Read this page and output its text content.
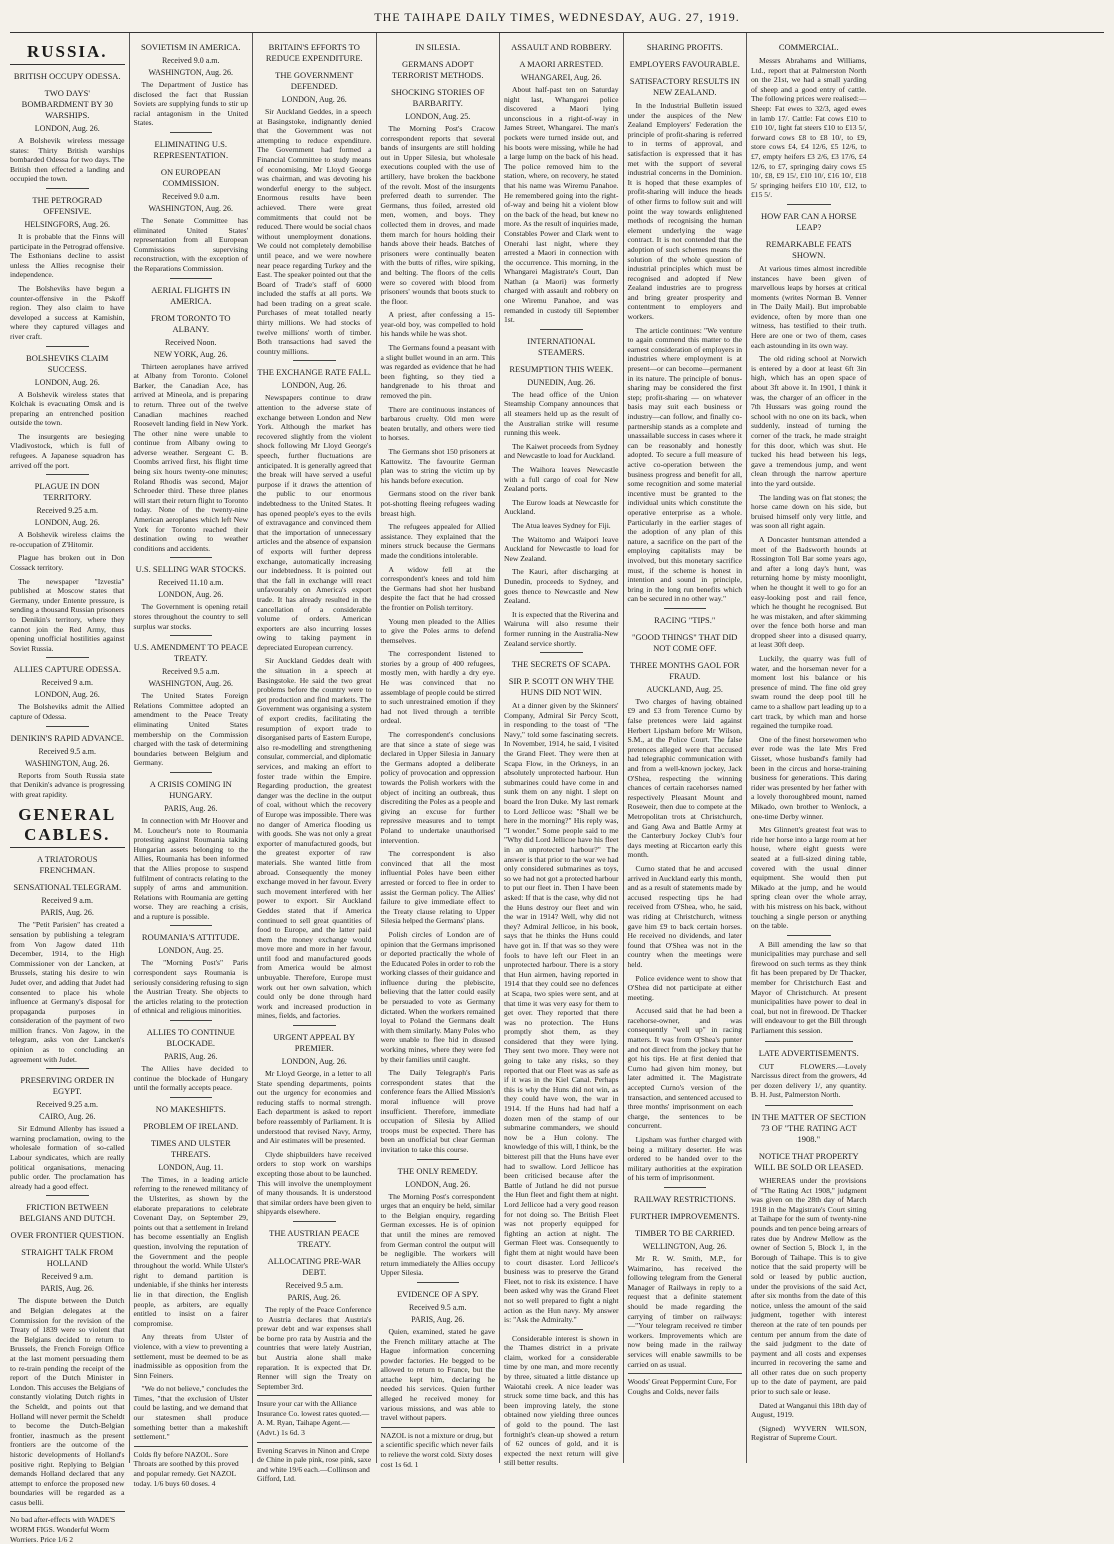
THE TAIHAPE DAILY TIMES, WEDNESDAY, AUG. 27, 1919.
RUSSIA.
BRITISH OCCUPY ODESSA.
TWO DAYS' BOMBARDMENT BY 30 WARSHIPS.
LONDON, Aug. 26.

A Bolshevik wireless message states: Thirty British warships bombarded Odessa for two days. The British then effected a landing and occupied the town.

THE PETROGRAD OFFENSIVE.
HELSINGFORS, Aug. 26.

It is probable that the Finns will participate in the Petrograd offensive. The Esthonians decline to assist unless the Allies recognise their independence.

The Bolsheviks have begun a counter-offensive in the Pskoff region. They also claim to have developed a success at Kamishin, where they captured villages and river craft.

BOLSHEVIKS CLAIM SUCCESS.
LONDON, Aug. 26.

A Bolshevik wireless states that Kolchak is evacuating Omsk and is preparing an entrenched position outside the town.

The insurgents are besieging Vladivostock, which is full of refugees. A Japanese squadron has arrived off the port.

PLAGUE IN DON TERRITORY.
Received 9.25 a.m.
LONDON, Aug. 26.

A Bolshevik wireless claims the re-occupation of Z'Hitomir.

Plague has broken out in Don Cossack territory.

The newspaper "Izvestia" published at Moscow states that Germany, under Entente pressure, is sending a thousand Russian prisoners to Denikin's territory, where they cannot join the Red Army, thus opening unofficial hostilities against Soviet Russia.

ALLIES CAPTURE ODESSA.
Received 9 a.m.
LONDON, Aug. 26.

The Bolsheviks admit the Allied capture of Odessa.

DENIKIN'S RAPID ADVANCE.
Received 9.5 a.m.
WASHINGTON, Aug. 26.

Reports from South Russia state that Denikin's advance is progressing with great rapidity.

GENERAL CABLES.
A TRIATOROUS FRENCHMAN.
SENSATIONAL TELEGRAM.
Received 9 a.m.
PARIS, Aug. 26.

The "Petit Parisien" has created a sensation by publishing a telegram from Von Jagow dated 11th December, 1914, to the High Commissioner von der Lancken, at Brussels, stating his desire to win Judet over, and adding that Judet had consented to place his whole influence at Germany's disposal for propaganda purposes in consideration of the payment of two million francs. Von Jagow, in the telegram, asks von der Lancken's opinion as to concluding an agreement with Judet.

PRESERVING ORDER IN EGYPT.
Received 9.25 a.m.
CAIRO, Aug. 26.

Sir Edmund Allenby has issued a warning proclamation, owing to the wholesale formation of so-called Labour syndicates, which are really political organisations, menacing public order. The proclamation has already had a good effect.

FRICTION BETWEEN BELGIANS AND DUTCH.
OVER FRONTIER QUESTION.
STRAIGHT TALK FROM HOLLAND
Received 9 a.m.
PARIS, Aug. 26.

The dispute between the Dutch and Belgian delegates at the Commission for the revision of the Treaty of 1839 were so violent that the Belgians decided to return to Brussels, the French Foreign Office at the last moment persuading them to re-train pending the receipt of the report of the Dutch Minister in London. This accuses the Belgians of constantly violating Dutch rights in the Scheldt, and points out that Holland will never permit the Scheldt to become the Dutch-Belgian frontier, inasmuch as the present frontiers are the outcome of the historic developments of Holland's positive right. Replying to Belgian demands Holland declared that any attempt to enforce the proposed new boundaries will be regarded as a casus belli.

No bad after-effects with WADE'S WORM FIGS. Wonderful Worm Worriers. Price 1/6 2
SOVIETISM IN AMERICA.
Received 9.0 a.m.
WASHINGTON, Aug. 26.

The Department of Justice has disclosed the fact that Russian Soviets are supplying funds to stir up racial antagonism in the United States.

ELIMINATING U.S. REPRESENTATION.
ON EUROPEAN COMMISSION.
Received 9.0 a.m.
WASHINGTON, Aug. 26.

The Senate Committee has eliminated United States' representation from all European Commissions supervising reconstruction, with the exception of the Reparations Commission.

AERIAL FLIGHTS IN AMERICA.
FROM TORONTO TO ALBANY.
Received Noon.
NEW YORK, Aug. 26.

Thirteen aeroplanes have arrived at Albany from Toronto. Colonel Barker, the Canadian Ace, has arrived at Mineola, and is preparing to return. Three out of the twelve Canadian machines reached Roosevelt landing field in New York. The other nine were unable to continue from Albany owing to adverse weather. Sergeant C. B. Coombs arrived first, his flight time being six hours twenty-one minutes; Roland Rhodis was second, Major Schroeder third. These three planes will start their return flight to Toronto today. None of the twenty-nine American aeroplanes which left New York for Toronto reached their destination owing to weather conditions and accidents.

U.S. SELLING WAR STOCKS.
Received 11.10 a.m.
LONDON, Aug. 26.

The Government is opening retail stores throughout the country to sell surplus war stocks.

U.S. AMENDMENT TO PEACE TREATY.
Received 9.5 a.m.
WASHINGTON, Aug. 26.

The United States Foreign Relations Committee adopted an amendment to the Peace Treaty eliminating United States membership on the Commission charged with the task of determining boundaries between Belgium and Germany.

A CRISIS COMING IN HUNGARY.
PARIS, Aug. 26.

In connection with Mr Hoover and M. Loucheur's note to Roumania protesting against Roumania taking Hungarian assets belonging to the Allies, Roumania has been informed that the Allies propose to suspend fulfilment of contracts relating to the supply of arms and ammunition. Relations with Roumania are getting worse. They are reaching a crisis, and a rupture is possible.

ROUMANIA'S ATTITUDE.
LONDON, Aug. 25.

The "Morning Post's" Paris correspondent says Roumania is seriously considering refusing to sign the Austrian Treaty. She objects to the articles relating to the protection of ethnical and religious minorities.

ALLIES TO CONTINUE BLOCKADE.
PARIS, Aug. 26.

The Allies have decided to continue the blockade of Hungary until the formally accepts peace.

NO MAKESHIFTS.
PROBLEM OF IRELAND.
TIMES AND ULSTER THREATS.
LONDON, Aug. 11.

The Times, in a leading article referring to the renewed militancy of the Ulsterites, as shown by the elaborate preparations to celebrate Covenant Day, on September 29, points out that a settlement in Ireland has become essentially an English question, involving the reputation of the Government and the people throughout the world. While Ulster's right to demand partition is undeniable, if she thinks her interests lie in that direction, the English people, as arbiters, are equally entitled to insist on a fairer compromise.

Any threats from Ulster of violence, with a view to preventing a settlement, must be deemed to be as inadmissible as opposition from the Sinn Feiners.

"We do not believe," concludes the Times, "that the exclusion of Ulster could be lasting, and we demand that our statesmen shall produce something better than a makeshift settlement."

Colds fly before NAZOL. Sore Throats are soothed by this proved and popular remedy. Get NAZOL today. 1/6 buys 60 doses. 4
BRITAIN'S EFFORTS TO REDUCE EXPENDITURE.
THE GOVERNMENT DEFENDED.
LONDON, Aug. 26.

Sir Auckland Geddes, in a speech at Basingstoke, indignantly denied that the Government was not attempting to reduce expenditure. The Government had formed a Financial Committee to study means of economising. Mr Lloyd George was chairman, and was devoting his wonderful energy to the subject. Enormous results have been achieved. There were great commitments that could not be reduced. There would be social chaos without unemployment donations. We could not completely demobilise until peace, and we were nowhere near peace regarding Turkey and the East. The speaker pointed out that the Board of Trade's staff of 6000 included the staffs at all ports. We had been trading on a great scale. Purchases of meat totalled nearly thirty millions. We had stocks of twelve millions' worth of timber. Both transactions had saved the country millions.

THE EXCHANGE RATE FALL.
LONDON, Aug. 26.

Newspapers continue to draw attention to the adverse state of exchange between London and New York. Although the market has recovered slightly from the violent shock following Mr Lloyd George's speech, further fluctuations are anticipated. It is generally agreed that the break will have served a useful purpose if it draws the attention of the public to our enormous indebtedness to the United States. It has opened people's eyes to the evils of extravagance and convinced them that the importation of unnecessary articles and the absence of expansion of exports will further depress exchange, automatically increasing our indebtedness. It is pointed out that the fall in exchange will react unfavourably on America's export trade. It has already resulted in the cancellation of a considerable volume of orders. American exporters are also incurring losses owing to taking payment in depreciated European currency.

Sir Auckland Geddes dealt with the situation in a speech at Basingstoke. He said the two great problems before the country were to get production and find markets. The Government was organising a system of export credits, facilitating the resumption of export trade to disorganised parts of Eastern Europe, also re-modelling and strengthening consular, commercial, and diplomatic services, and making an effort to foster trade within the Empire. Regarding production, the greatest danger was the decline in the output of coal, without which the recovery of Europe was impossible. There was no danger of America flooding us with goods. She was not only a great exporter of manufactured goods, but the greatest exporter of raw materials. She wanted little from abroad. Consequently the money exchange moved in her favour. Every such movement interfered with her power to export. Sir Auckland Geddes stated that if America continued to sell great quantities of food to Europe, and the latter paid them the money exchange would move more and more in her favour, until food and manufactured goods from America would be almost unbuyable. Therefore, Europe must work out her own salvation, which could only be done through hard work and increased production in mines, fields, and factories.

URGENT APPEAL BY PREMIER.
LONDON, Aug. 26.

Mr Lloyd George, in a letter to all State spending departments, points out the urgency for economies and reducing staffs to normal strength. Each department is asked to report before reassembly of Parliament. It is understood that revised Navy, Army, and Air estimates will be presented.

Clyde shipbuilders have received orders to stop work on warships excepting those about to be launched. This will involve the unemployment of many thousands. It is understood that similar orders have been given to shipyards elsewhere.

THE AUSTRIAN PEACE TREATY.
ALLOCATING PRE-WAR DEBT.
Received 9.5 a.m.
PARIS, Aug. 26.

The reply of the Peace Conference to Austria declares that Austria's prewar debt and war expenses shall be borne pro rata by Austria and the countries that were lately Austrian, but Austria alone shall make reparation. It is expected that Dr. Renner will sign the Treaty on September 3rd.

Insure your car with the Alliance Insurance Co. lowest rates quoted.—A. M. Ryan, Taihape Agent.—(Advt.) 1s 6d. 3
Evening Scarves in Ninon and Crepe de Chine in pale pink, rose pink, saxe and white 19/6 each.—Collinson and Gifford, Ltd.
IN SILESIA.
GERMANS ADOPT TERRORIST METHODS.
SHOCKING STORIES OF BARBARITY.
LONDON, Aug. 25.

The Morning Post's Cracow correspondent reports that several bands of insurgents are still holding out in Upper Silesia, but wholesale executions coupled with the use of artillery, have broken the backbone of the revolt. Most of the insurgents preferred death to surrender. The Germans, thus foiled, arrested old men, women, and boys. They collected them in droves, and made them march for hours holding their hands above their heads. Batches of prisoners were continually beaten with the butts of rifles, wire spiking, and belting. The floors of the cells were so covered with blood from prisoners' wounds that boots stuck to the floor.

A priest, after confessing a 15-year-old boy, was compelled to hold his hands while he was shot.

The Germans found a peasant with a slight bullet wound in an arm. This was regarded as evidence that he had been fighting, so they tied a handgrenade to his throat and removed the pin.

There are continuous instances of barbarous cruelty. Old men were beaten brutally, and others were tied to horses.

The Germans shot 150 prisoners at Kattowitz. The favourite German plan was to string the victim up by his hands before execution.

Germans stood on the river bank pot-shotting fleeing refugees wading breast high.

The refugees appealed for Allied assistance. They explained that the miners struck because the Germans made the conditions intolerable.

A widow fell at the correspondent's knees and told him the Germans had shot her husband despite the fact that he had crossed the frontier on Polish territory.

Young men pleaded to the Allies to give the Poles arms to defend themselves.

The correspondent listened to stories by a group of 400 refugees, mostly men, with hardly a dry eye. He was convinced that no assemblage of people could be stirred to such unrestrained emotion if they had not lived through a terrible ordeal.

The correspondent's conclusions are that since a state of siege was declared in Upper Silesia in January the Germans adopted a deliberate policy of provocation and oppression towards the Polish workers with the object of inciting an outbreak, thus discrediting the Poles as a people and giving an excuse for further repressive measures and to tempt Poland to undertake unauthorised intervention.

The correspondent is also convinced that all the most influential Poles have been either arrested or forced to flee in order to assist the German policy. The Allies' failure to give immediate effect to the Treaty clause relating to Upper Silesia helped the Germans' plans.

Polish circles of London are of opinion that the Germans imprisoned or deported practically the whole of the Educated Poles in order to rob the working classes of their guidance and influence during the plebiscite, believing that the latter could easily be persuaded to vote as Germany dictated. When the workers remained loyal to Poland the Germans dealt with them similarly. Many Poles who were unable to flee hid in disused working mines, where they were fed by their families until caught.

The Daily Telegraph's Paris correspondent states that the conference fears the Allied Mission's moral influence will prove insufficient. Therefore, immediate occupation of Silesia by Allied troops must be expected. There has been an unofficial but clear German invitation to take this course.

THE ONLY REMEDY.
LONDON, Aug. 26.

The Morning Post's correspondent urges that an enquiry be held, similar to the Belgian enquiry, regarding German excesses. He is of opinion that until the mines are removed from German control the output will be negligible. The workers will return immediately the Allies occupy Upper Silesia.

EVIDENCE OF A SPY.
Received 9.5 a.m.
PARIS, Aug. 26.

Quien, examined, stated he gave the French military attache at The Hague information concerning powder factories. He begged to be allowed to return to France, but the attache kept him, declaring he needed his services. Quien further alleged he received money for various missions, and was able to travel without papers.

NAZOL is not a mixture or drug, but a scientific specific which never fails to relieve the worst cold. Sixty doses cost 1s 6d. 1
ASSAULT AND ROBBERY.
A MAORI ARRESTED.
WHANGAREI, Aug. 26.

About half-past ten on Saturday night last, Whangarei police discovered a Maori lying unconscious in a right-of-way in James Street, Whangarei. The man's pockets were turned inside out, and his boots were missing, while he had a large lump on the back of his head. The police removed him to the station, where, on recovery, he stated that his name was Wiremu Panahoe. He remembered going into the right-of-way and being hit a violent blow on the back of the head, but knew no more. As the result of inquiries made, Constables Power and Clark went to Onerahi last night, where they arrested a Maori in connection with the occurrence. This morning, in the Whangarei Magistrate's Court, Dan Nathan (a Maori) was formerly charged with assault and robbery on one Wiremu Panahoe, and was remanded in custody till September 1st.

INTERNATIONAL STEAMERS.
RESUMPTION THIS WEEK.
DUNEDIN, Aug. 26.

The head office of the Union Steamship Company announces that all steamers held up as the result of the Australian strike will resume running this week.

The Kaiwet proceeds from Sydney and Newcastle to load for Auckland.

The Waihora leaves Newcastle with a full cargo of coal for New Zealand ports.

The Eurow loads at Newcastle for Auckland.

The Atua leaves Sydney for Fiji.

The Waitomo and Waipori leave Auckland for Newcastle to load for New Zealand.

The Kauri, after discharging at Dunedin, proceeds to Sydney, and goes thence to Newcastle and New Zealand.

It is expected that the Riverina and Wairuna will also resume their former running in the Australia-New Zealand service shortly.

THE SECRETS OF SCAPA.
SIR P. SCOTT ON WHY THE HUNS DID NOT WIN.

At a dinner given by the Skinners' Company, Admiral Sir Percy Scott, in responding to the toast of "The Navy," told some fascinating secrets. In November, 1914, he said, I visited the Grand Fleet. They were then at Scapa Flow, in the Orkneys, in an absolutely unprotected harbour. Hun submarines could have come in and sunk them on any night. I slept on board the Iron Duke. My last remark to Lord Jellicoe was: "Shall we be here in the morning?" His reply was, "I wonder." Some people said to me "Why did Lord Jellicoe have his fleet in an unprotected harbour?" The answer is that prior to the war we had only considered submarines as toys, so we had not got a protected harbour to put our fleet in. Then I have been asked: If that is the case, why did not the Huns destroy our fleet and win the war in 1914? Well, why did not they? Admiral Jellicoe, in his book, says that he thinks the Huns could have got in. If that was so they were fools to have left our Fleet in an unprotected harbour. There is a story that Hun airmen, having reported in 1914 that they could see no defences at Scapa, two spies were sent, and at that time it was very easy for them to get over. They reported that there was no protection. The Huns promptly shot them, as they considered that they were lying. They sent two more. They were not going to take any risks, so they reported that our Fleet was as safe as if it was in the Kiel Canal. Perhaps this is why the Huns did not win, as they could have won, the war in 1914. If the Huns had had half a dozen men of the stamp of our submarine commanders, we should now be a Hun colony. The knowledge of this will, I think, be the bitterest pill that the Huns have ever had to swallow. Lord Jellicoe has been criticised because after the Battle of Jutland he did not pursue the Hun fleet and fight them at night. Lord Jellicoe had a very good reason for not doing so. The British Fleet was not properly equipped for fighting an action at night. The German Fleet was. Consequently to fight them at night would have been to court disaster. Lord Jellicoe's business was to preserve the Grand Fleet, not to risk its existence. I have been asked why was the Grand Fleet not so well prepared to fight a night action as the Hun navy. My answer is: "Ask the Admiralty."

Considerable interest is shown in the Thames district in a private claim, worked for a considerable time by one man, and more recently by three, situated a little distance up Waiotahi creek. A nice leader was struck some time back, and this has been improving lately, the stone obtained now yielding three ounces of gold to the pound. The last fortnight's clean-up showed a return of 62 ounces of gold, and it is expected the next return will give still better results.

SHARING PROFITS.
EMPLOYERS FAVOURABLE.
SATISFACTORY RESULTS IN NEW ZEALAND.

In the Industrial Bulletin issued under the auspices of the New Zealand Employers' Federation the principle of profit-sharing is referred to in terms of approval, and satisfaction is expressed that it has met with the support of several industrial concerns in the Dominion. It is hoped that these examples of profit-sharing will induce the heads of other firms to follow suit and will point the way towards enlightened methods of recognising the human element underlying the wage contract. It is not contended that the adoption of such schemes means the solution of the whole question of industrial principles which must be recognised and adopted if New Zealand industries are to progress and bring greater prosperity and contentment to employers and workers.

The article continues: "We venture to again commend this matter to the earnest consideration of employers in industries where employment is at present—or can become—permanent in its nature. The principle of bonus-sharing may be considered the first step; profit-sharing — on whatever basis may suit each business or industry—can follow, and finally co-partnership stands as a complete and unassailable success in cases where it can be reasonably and honestly adopted. To secure a full measure of active co-operation between the business progress and benefit for all, some recognition and some material incentive must be granted to the individual units which constitute the operative enterprise as a whole. Particularly in the earlier stages of the adoption of any plan of this nature, a sacrifice on the part of the employing capitalists may be involved, but this monetary sacrifice must, if the scheme is honest in intention and sound in principle, bring in the long run benefits which can be secured in no other way."

RACING "TIPS."
"GOOD THINGS" THAT DID NOT COME OFF.
THREE MONTHS GAOL FOR FRAUD.
AUCKLAND, Aug. 25.

Two charges of having obtained £9 and £3 from Terence Curno by false pretences were laid against Herbert Lipsham before Mr Wilson, S.M., at the Police Court. The false pretences alleged were that accused had telegraphic communication with and from a well-known jockey, Jack O'Shea, respecting the winning chances of certain racehorses named respectively Pleasant Mount and Roseweir, then due to compete at the Metropolitan trots at Christchurch, and Gang Awa and Battle Army at the Canterbury Jockey Club's four days meeting at Riccarton early this month.

Curno stated that he and accused arrived in Auckland early this month, and as a result of statements made by accused respecting tips he had received from O'Shea, who, he said, was riding at Christchurch, witness gave him £9 to back certain horses. He received no dividends, and later found that O'Shea was not in the country when the meetings were held.

Police evidence went to show that O'Shea did not participate at either meeting.

Accused said that he had been a racehorse-owner, and was consequently "well up" in racing matters. It was from O'Shea's punter and not direct from the jockey that he got his tips. He at first denied that Curno had given him money, but later admitted it. The Magistrate accepted Curno's version of the transaction, and sentenced accused to three months' imprisonment on each charge, the sentences to be concurrent.

Lipsham was further charged with being a military deserter. He was ordered to be handed over to the military authorities at the expiration of his term of imprisonment.

RAILWAY RESTRICTIONS.
FURTHER IMPROVEMENTS.
TIMBER TO BE CARRIED.
WELLINGTON, Aug. 26.

Mr R. W. Smith, M.P., for Waimarino, has received the following telegram from the General Manager of Railways in reply to a request that a definite statement should be made regarding the carrying of timber on railways: —"Your telegram received re timber workers. Improvements which are now being made in the railway services will enable sawmills to be carried on as usual.

Woods' Great Peppermint Cure, For Coughs and Colds, never fails
COMMERCIAL.

Messrs Abrahams and Williams, Ltd., report that at Palmerston North on the 21st, we had a small yarding of sheep and a good entry of cattle. The following prices were realised:—Sheep: Fat ewes to 32/3, aged ewes in lamb 17/. Cattle: Fat cows £10 to £10 10/, light fat steers £10 to £13 5/, forward cows £8 to £8 10/, to £9, store cows £4, £4 12/6, £5 12/6, to £7, empty heifers £3 2/6, £3 17/6, £4 12/6, to £7, springing dairy cows £5 10/, £8, £9 15/, £10 10/, £16 10/, £18 5/ springing heifers £10 10/, £12, to £15 5/.

HOW FAR CAN A HORSE LEAP?
REMARKABLE FEATS SHOWN.

At various times almost incredible instances have been given of marvellous leaps by horses at critical moments (writes Norman B. Venner in The Daily Mail). But improbable evidence, often by more than one witness, has testified to their truth. Here are one or two of them, cases each astounding in its own way.

The old riding school at Norwich is entered by a door at least 6ft 3in high, which has an open space of about 3ft above it. In 1901, I think it was, the charger of an officer in the 7th Hussars was going round the school with no one on its back, when suddenly, instead of turning the corner of the track, he made straight for this door, which was shut. He tucked his head between his legs, gave a tremendous jump, and went clean through the narrow aperture into the yard outside.

The landing was on flat stones; the horse came down on his side, but bruised himself only very little, and was soon all right again.

A Doncaster huntsman attended a meet of the Badsworth hounds at Rossington Toll Bar some years ago, and after a long day's hunt, was returning home by misty moonlight, when he thought it well to go for an easy-looking post and rail fence, which he thought he recognised. But he was mistaken, and after skimming over the fence both horse and man dropped sheer into a disused quarry, at least 30ft deep.

Luckily, the quarry was full of water, and the horseman never for a moment lost his balance or his presence of mind. The fine old grey swam round the deep pool till he came to a shallow part leading up to a cart track, by which man and horse regained the turnpike road.

One of the finest horsewomen who ever rode was the late Mrs Fred Gisset, whose husband's family had been in the circus and horse-training business for generations. This daring rider was presented by her father with a lovely thoroughbred mount, named Mikado, own brother to Wenlock, a one-time Derby winner.

Mrs Glinnett's greatest feat was to ride her horse into a large room at her house, where eight guests were seated at a full-sized dining table, covered with the usual dinner equipment. She would then put Mikado at the jump, and he would spring clean over the whole array, with his mistress on his back, without touching a single person or anything on the table.

A Bill amending the law so that municipalities may purchase and sell firewood on such terms as they think fit has been prepared by Dr Thacker, member for Christchurch East and Mayor of Christchurch. At present municipalities have power to deal in coal, but not in firewood. Dr Thacker will endeavour to get the Bill through Parliament this session.

LATE ADVERTISEMENTS.

CUT FLOWERS.—Lovely Narcissus direct from the growers, 4d per dozen delivery 1/, any quantity. B. H. Just, Palmerston North.

IN THE MATTER OF SECTION 73 OF "THE RATING ACT 1908."
NOTICE THAT PROPERTY WILL BE SOLD OR LEASED.

WHEREAS under the provisions of "The Rating Act 1908," judgment was given on the 28th day of March 1918 in the Magistrate's Court sitting at Taihape for the sum of twenty-nine pounds and ten pence being arrears of rates due by Andrew Mellow as the owner of Section 5, Block 1, in the Borough of Taihape. This is to give notice that the said property will be sold or leased by public auction, under the provisions of the said Act, after six months from the date of this notice, unless the amount of the said judgment, together with interest thereon at the rate of ten pounds per centum per annum from the date of the said judgment to the date of payment and all costs and expenses incurred in recovering the same and all other rates due on such property up to the date of payment, are paid prior to such sale or lease.

Dated at Wanganui this 18th day of August, 1919.

(Signed) WYVERN WILSON, Registrar of Supreme Court.
